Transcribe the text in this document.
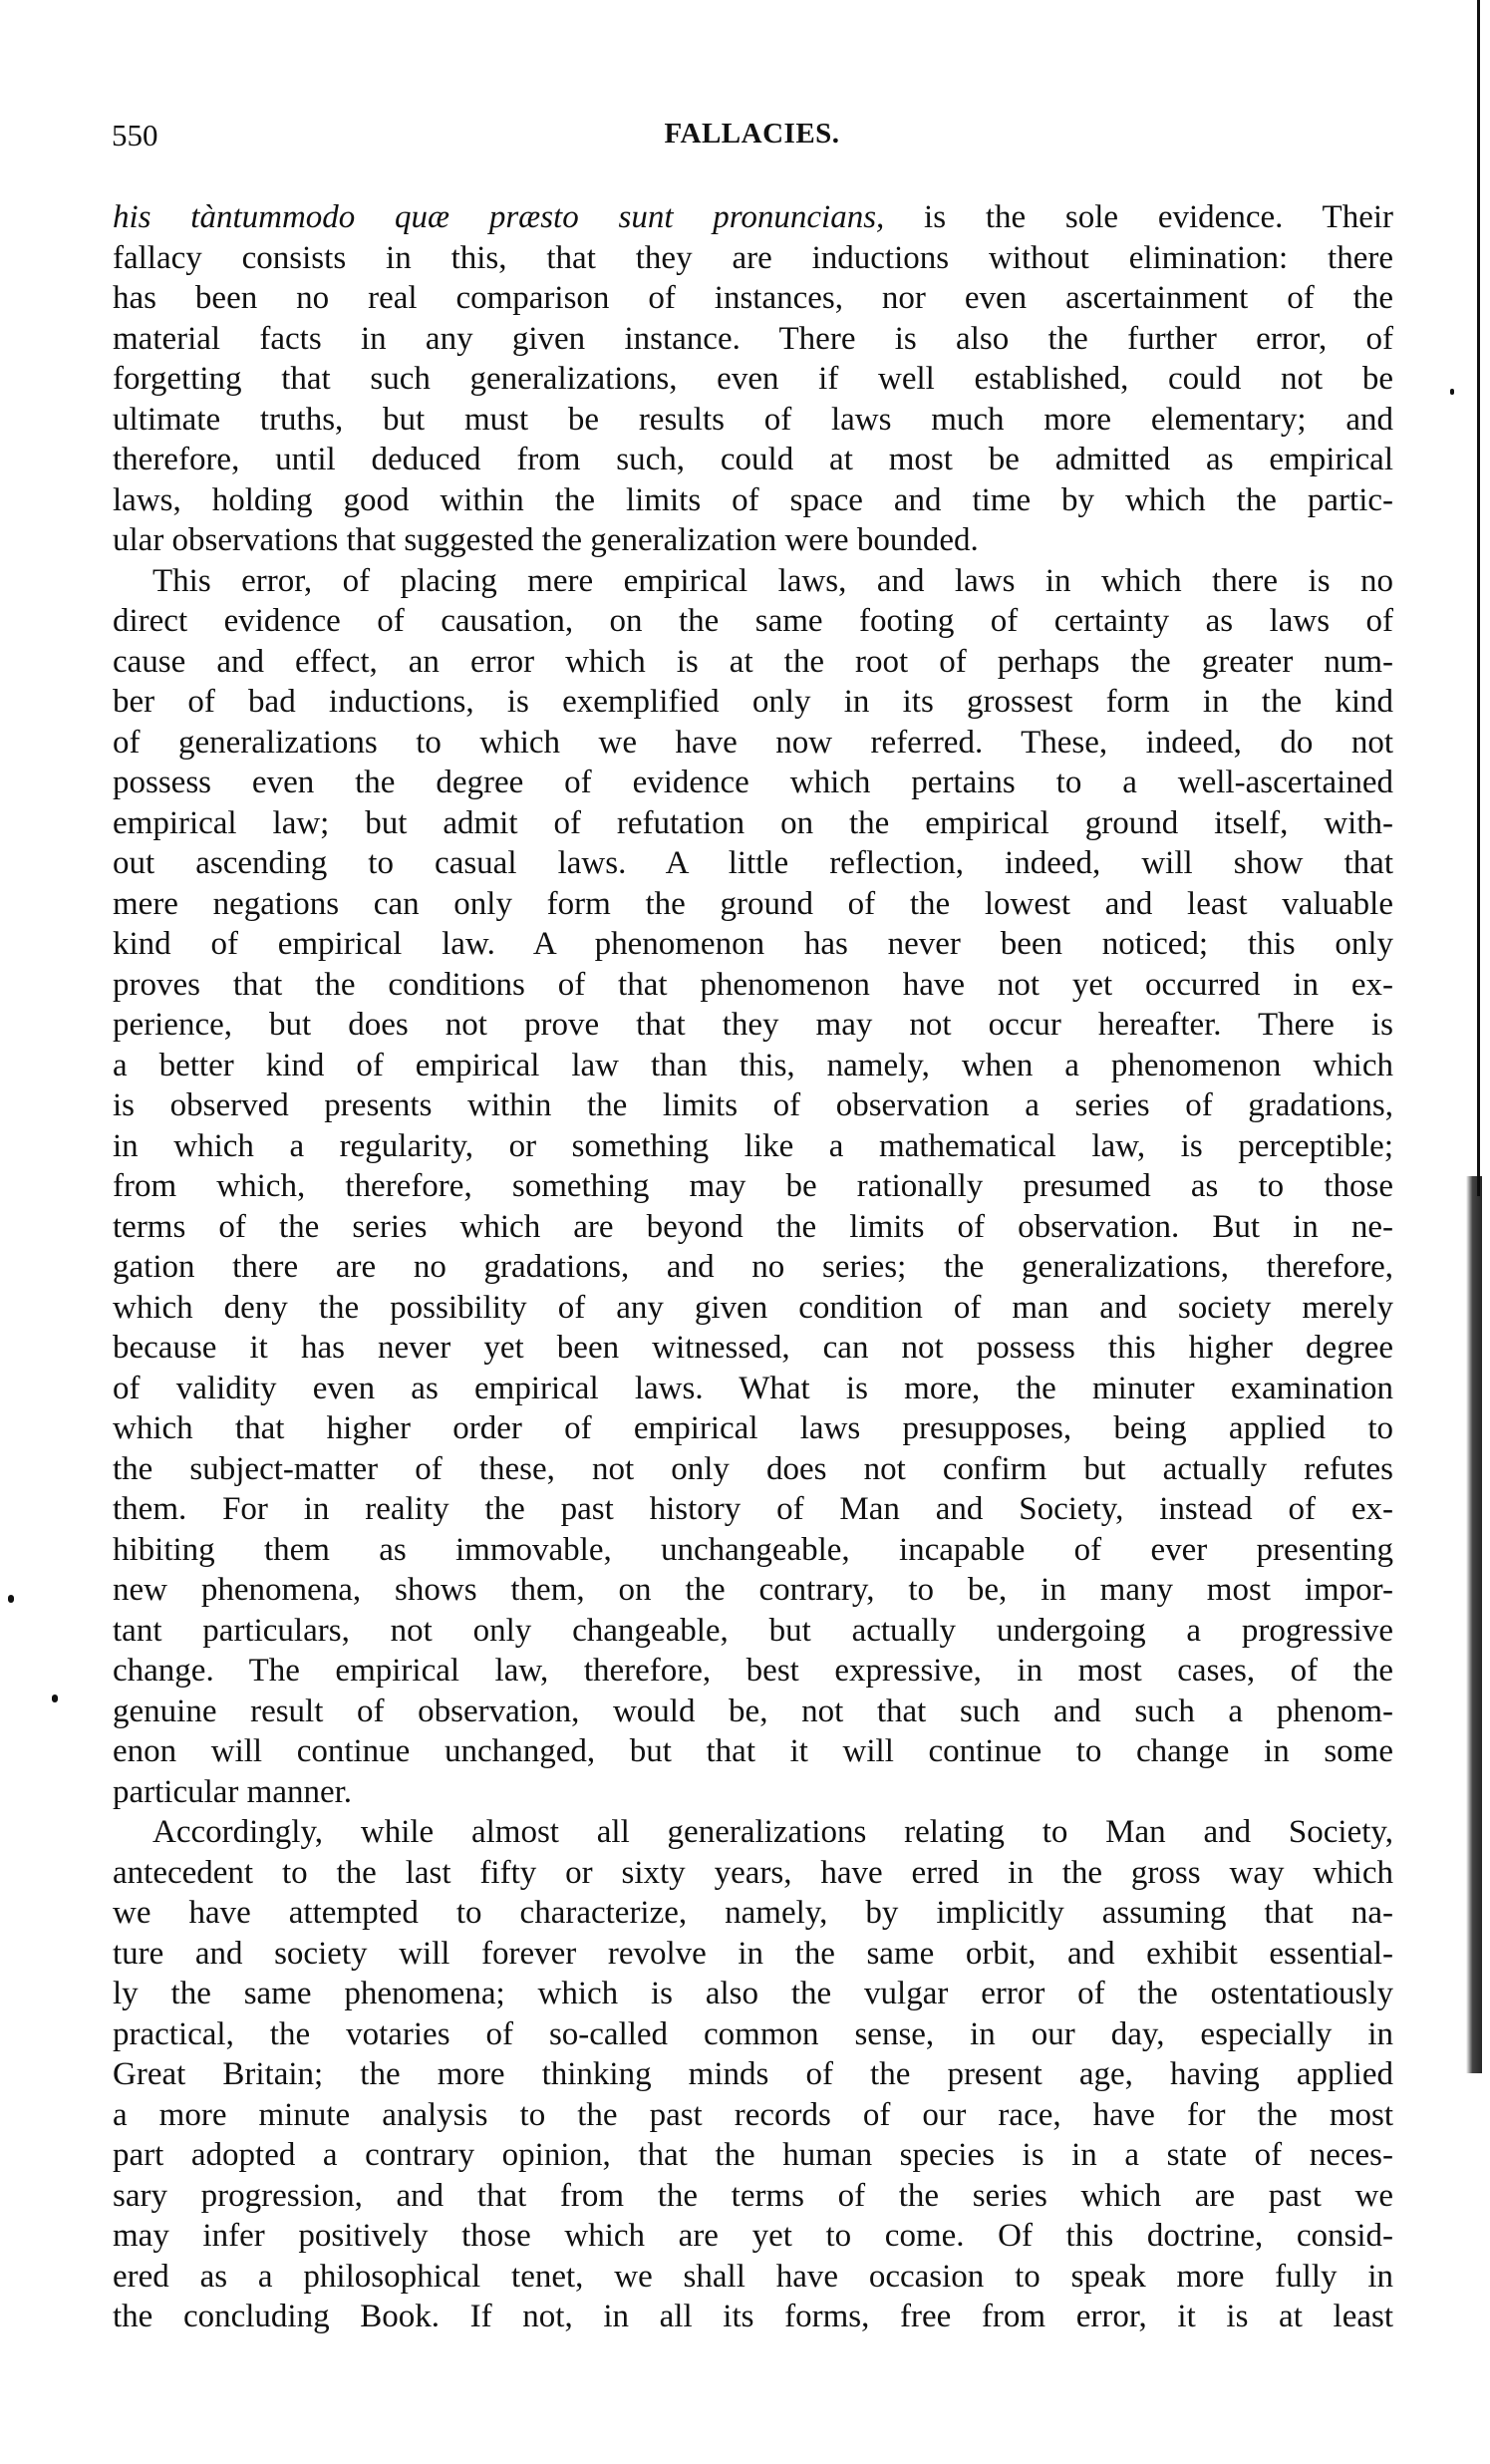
550	FALLACIES.
his tàntummodo quæ præsto sunt pronuncians, is the sole evidence. Their
fallacy consists in this, that they are inductions without elimination: there
has been no real comparison of instances, nor even ascertainment of the
material facts in any given instance. There is also the further error, of
forgetting that such generalizations, even if well established, could not be
ultimate truths, but must be results of laws much more elementary; and
therefore, until deduced from such, could at most be admitted as empirical
laws, holding good within the limits of space and time by which the partic-
ular observations that suggested the generalization were bounded.
This error, of placing mere empirical laws, and laws in which there is no
direct evidence of causation, on the same footing of certainty as laws of
cause and effect, an error which is at the root of perhaps the greater num-
ber of bad inductions, is exemplified only in its grossest form in the kind
of generalizations to which we have now referred. These, indeed, do not
possess even the degree of evidence which pertains to a well-ascertained
empirical law; but admit of refutation on the empirical ground itself, with-
out ascending to casual laws. A little reflection, indeed, will show that
mere negations can only form the ground of the lowest and least valuable
kind of empirical law. A phenomenon has never been noticed; this only
proves that the conditions of that phenomenon have not yet occurred in ex-
perience, but does not prove that they may not occur hereafter. There is
a better kind of empirical law than this, namely, when a phenomenon which
is observed presents within the limits of observation a series of gradations,
in which a regularity, or something like a mathematical law, is perceptible;
from which, therefore, something may be rationally presumed as to those
terms of the series which are beyond the limits of observation. But in ne-
gation there are no gradations, and no series; the generalizations, therefore,
which deny the possibility of any given condition of man and society merely
because it has never yet been witnessed, can not possess this higher degree
of validity even as empirical laws. What is more, the minuter examination
which that higher order of empirical laws presupposes, being applied to
the subject-matter of these, not only does not confirm but actually refutes
them. For in reality the past history of Man and Society, instead of ex-
hibiting them as immovable, unchangeable, incapable of ever presenting
new phenomena, shows them, on the contrary, to be, in many most impor-
tant particulars, not only changeable, but actually undergoing a progressive
change. The empirical law, therefore, best expressive, in most cases, of the
genuine result of observation, would be, not that such and such a phenom-
enon will continue unchanged, but that it will continue to change in some
particular manner.
Accordingly, while almost all generalizations relating to Man and Society,
antecedent to the last fifty or sixty years, have erred in the gross way which
we have attempted to characterize, namely, by implicitly assuming that na-
ture and society will forever revolve in the same orbit, and exhibit essential-
ly the same phenomena; which is also the vulgar error of the ostentatiously
practical, the votaries of so-called common sense, in our day, especially in
Great Britain; the more thinking minds of the present age, having applied
a more minute analysis to the past records of our race, have for the most
part adopted a contrary opinion, that the human species is in a state of neces-
sary progression, and that from the terms of the series which are past we
may infer positively those which are yet to come. Of this doctrine, consid-
ered as a philosophical tenet, we shall have occasion to speak more fully in
the concluding Book. If not, in all its forms, free from error, it is at least
